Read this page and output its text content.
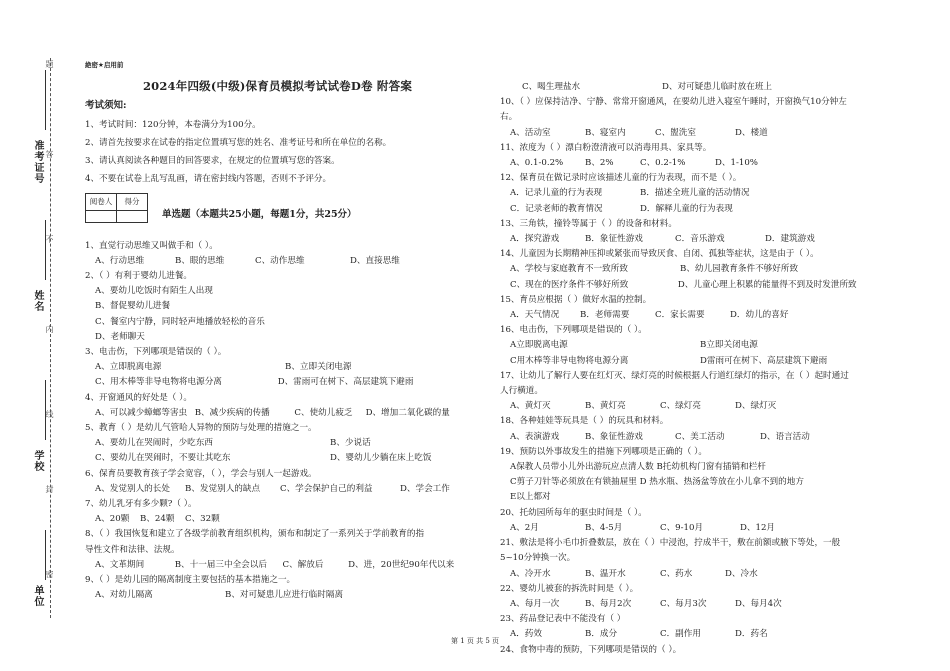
准考证号
姓名
学校
单位
题
答
不
内
线
封
密
絶密★启用前
2024年四级(中级)保育员模拟考试试卷D卷 附答案
考试须知:
1、考试时间：120分钟，本卷满分为100分。
2、请首先按要求在试卷的指定位置填写您的姓名、准考证号和所在单位的名称。
3、请认真阅读各种题目的回答要求，在规定的位置填写您的答案。
4、不要在试卷上乱写乱画，请在密封线内答题，否则不予评分。
阅卷人	得分

单选题（本题共25小题，每题1分，共25分）
1、直觉行动思维又叫做手和（ ）。
A、行动思维	B、眼的思维	C、动作思维	D、直接思维
2、（ ）有利于婴幼儿进餐。
A、要幼儿吃饭时有陌生人出现
B、督促婴幼儿进餐
C、餐室内宁静，同时轻声地播放轻松的音乐
D、老师聊天
3、电击伤，下列哪项是错误的（ ）。
A、立即脱离电源	B、立即关闭电源
C、用木棒等非导电物将电源分离	D、雷雨可在树下、高层建筑下避雨
4、开窗通风的好处是（ ）。
A、可以减少蟑螂等害虫 B、减少疾病的传播	C、使幼儿疲乏	D、增加二氧化碳的量
5、教育（ ）是幼儿气管哈人异物的预防与处理的措施之一。
A、要幼儿在哭闹时，少吃东西	B、少说话
C、要幼儿在哭闹时，不要让其吃东	D、婴幼儿少躺在床上吃饭
6、保育员要教育孩子学会宽容，（ ），学会与别人一起游戏。
A、发觉别人的长处	B、发觉别人的缺点	C、学会保护自己的利益	D、学会工作
7、幼儿乳牙有多少颗?（ ）。
A、20颗	B、24颗	C、32颗
8、（ ）我国恢复和建立了各级学前教育组织机构，颁布和制定了一系列关于学前教育的指
导性文件和法律、法规。
A、文革期间	B、十一届三中全会以后	C、解放后	D、进，20世纪90年代以来
9、（ ）是幼儿园的隔离制度主要包括的基本措施之一。
A、对幼儿隔离	B、对可疑患儿应进行临时隔离
C、喝生理盐水	D、对可疑患儿临时放在班上
10、（ ）应保持洁净、宁静、常常开窗通风，在要幼儿进入寝室午睡时，开窗换气10分钟左
右。
A、活动室	B、寝室内	C、盥洗室	D、楼道
11、浓度为（ ）漂白粉澄清液可以消毒用具、家具等。
A、0.1-0.2%	B、2%	C、0.2-1%	D、1-10%
12、保育员在做记录时应该描述儿童的行为表现，而不是（ ）。
A．记录儿童的行为表现	B．描述全班儿童的活动情况
C．记录老师的教育情况	D．解释儿童的行为表现
13、三角铁，撞铃等属于（ ）的设备和材料。
A．探究游戏	B．象征性游戏	C．音乐游戏	D．建筑游戏
14、儿童因为长期精神压抑或紧张而导致厌食、自闭、孤独等症状，这是由于（ ）。
A、学校与家庭教育不一致所致	B、幼儿园教育条件不够好所致
C、现在的医疗条件不够好所致	D、儿童心理上积累的能量得不到及时发泄所致
15、育员应根据（ ）做好水温的控制。
A．天气情况	B．老师需要	C．家长需要	D．幼儿的喜好
16、电击伤，下列哪项是错误的（ ）。
A立即脱离电源	B立即关闭电源
C用木棒等非导电物将电源分离	D雷雨可在树下、高层建筑下避雨
17、让幼儿了解行人要在红灯灭、绿灯亮的时候根据人行道红绿灯的指示，在（ ）起时通过
人行横道。
A、黄灯灭	B、黄灯亮	C、绿灯亮	D、绿灯灭
18、各种娃娃等玩具是（ ）的玩具和材料。
A、表演游戏	B、象征性游戏	C、美工活动	D、语言活动
19、预防以外事故发生的措施下列哪项是正确的（ ）。
A保教人员带小儿外出游玩应点清人数 B托幼机构门窗有插销和栏杆
C剪子刀针等必须放在有锁抽屉里 D 热水瓶、热汤盆等放在小儿拿不到的地方
E以上都对
20、托幼园所每年的驱虫时间是（ ）。
A、2月	B、4-5月	C、9-10月	D、12月
21、敷法是将小毛巾折叠数层，放在（ ）中浸泡，拧成半干，敷在前额或腋下等处，一般
5~10分钟换一次。
A、冷开水	B、温开水	C、药水	D、冷水
22、婴幼儿被套的拆洗时间是（ ）。
A、每月一次	B、每月2次	C、每月3次	D、每月4次
23、药品登记表中不能没有（ ）
A．药效	B．成分	C．副作用	D．药名
24、食物中毒的预防，下列哪项是错误的（ ）。
第 1 页 共 5 页
